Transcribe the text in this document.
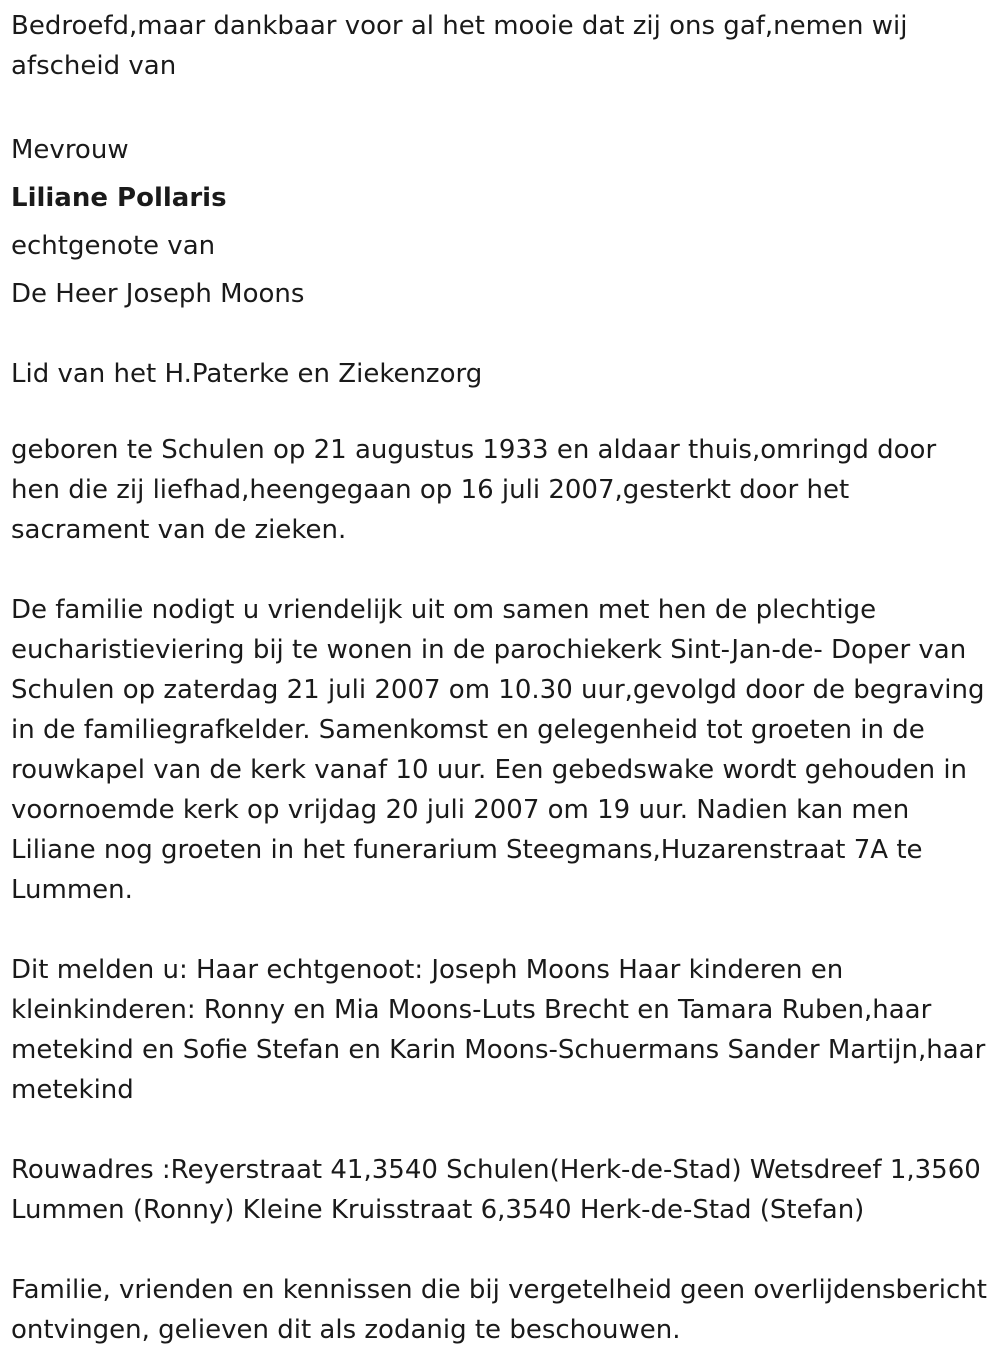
Bedroefd,maar dankbaar voor al het mooie dat zij ons gaf,nemen wij afscheid van

Mevrouw

Liliane Pollaris

echtgenote van

De Heer Joseph Moons

Lid van het H.Paterke en Ziekenzorg

geboren te Schulen op 21 augustus 1933 en aldaar thuis,omringd door hen die zij liefhad,heengegaan op 16 juli 2007,gesterkt door het sacrament van de zieken.

De familie nodigt u vriendelijk uit om samen met hen de plechtige eucharistieviering bij te wonen in de parochiekerk Sint-Jan-de- Doper van Schulen op zaterdag 21 juli 2007 om 10.30 uur,gevolgd door de begraving in de familiegrafkelder. Samenkomst en gelegenheid tot groeten in de rouwkapel van de kerk vanaf 10 uur. Een gebedswake wordt gehouden in voornoemde kerk op vrijdag 20 juli 2007 om 19 uur. Nadien kan men Liliane nog groeten in het funerarium Steegmans,Huzarenstraat 7A te Lummen.

Dit melden u: Haar echtgenoot: Joseph Moons Haar kinderen en kleinkinderen: Ronny en Mia Moons-Luts Brecht en Tamara Ruben,haar metekind en Sofie Stefan en Karin Moons-Schuermans Sander Martijn,haar metekind

Rouwadres :Reyerstraat 41,3540 Schulen(Herk-de-Stad) Wetsdreef 1,3560 Lummen (Ronny) Kleine Kruisstraat 6,3540 Herk-de-Stad (Stefan)

Familie, vrienden en kennissen die bij vergetelheid geen overlijdensbericht ontvingen, gelieven dit als zodanig te beschouwen.
